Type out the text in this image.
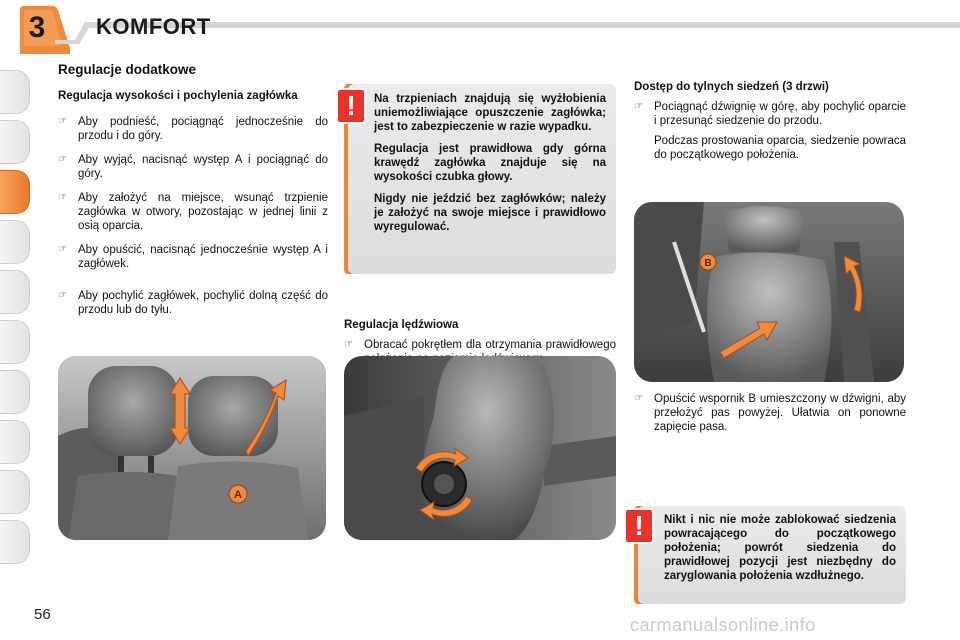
3	KOMFORT
Regulacje dodatkowe
Regulacja wysokości i pochylenia zagłówka
☞ Aby podnieść, pociągnąć jednocześnie do przodu i do góry.
☞ Aby wyjąć, nacisnąć występ A i pociągnąć do góry.
☞ Aby założyć na miejsce, wsunąć trzpienie zagłówka w otwory, pozostając w jednej linii z osią oparcia.
☞ Aby opuścić, nacisnąć jednocześnie występ A i zagłówek.
☞ Aby pochylić zagłówek, pochylić dolną część do przodu lub do tyłu.
A

Na trzpieniach znajdują się wyżłobienia uniemożliwiające opuszczenie zagłówka; jest to zabezpieczenie w razie wypadku.

Regulacja jest prawidłowa gdy górna krawędź zagłówka znajduje się na wysokości czubka głowy.

Nigdy nie jeździć bez zagłówków; należy je założyć na swoje miejsce i prawidłowo wyregulować.

!
Regulacja lędźwiowa
☞ Obracać pokrętłem dla otrzymania prawidłowego
Dostęp do tylnych siedzeń (3 drzwi)
☞ Pociągnąć dźwignię w górę, aby pochylić oparcie i przesunąć siedzenie do przodu.
Podczas prostowania oparcia, siedzenie powraca do początkowego położenia.
B
☞ Opuścić wspornik B umieszczony w dźwigni, aby przełożyć pas powyżej. Ułatwia on ponowne zapięcie pasa.

Nikt i nic nie może zablokować siedzenia powracającego do początkowego położenia; powrót siedzenia do prawidłowej pozycji jest niezbędny do zaryglowania położenia wzdłużnego.

!
56
carmanualsonline.info
